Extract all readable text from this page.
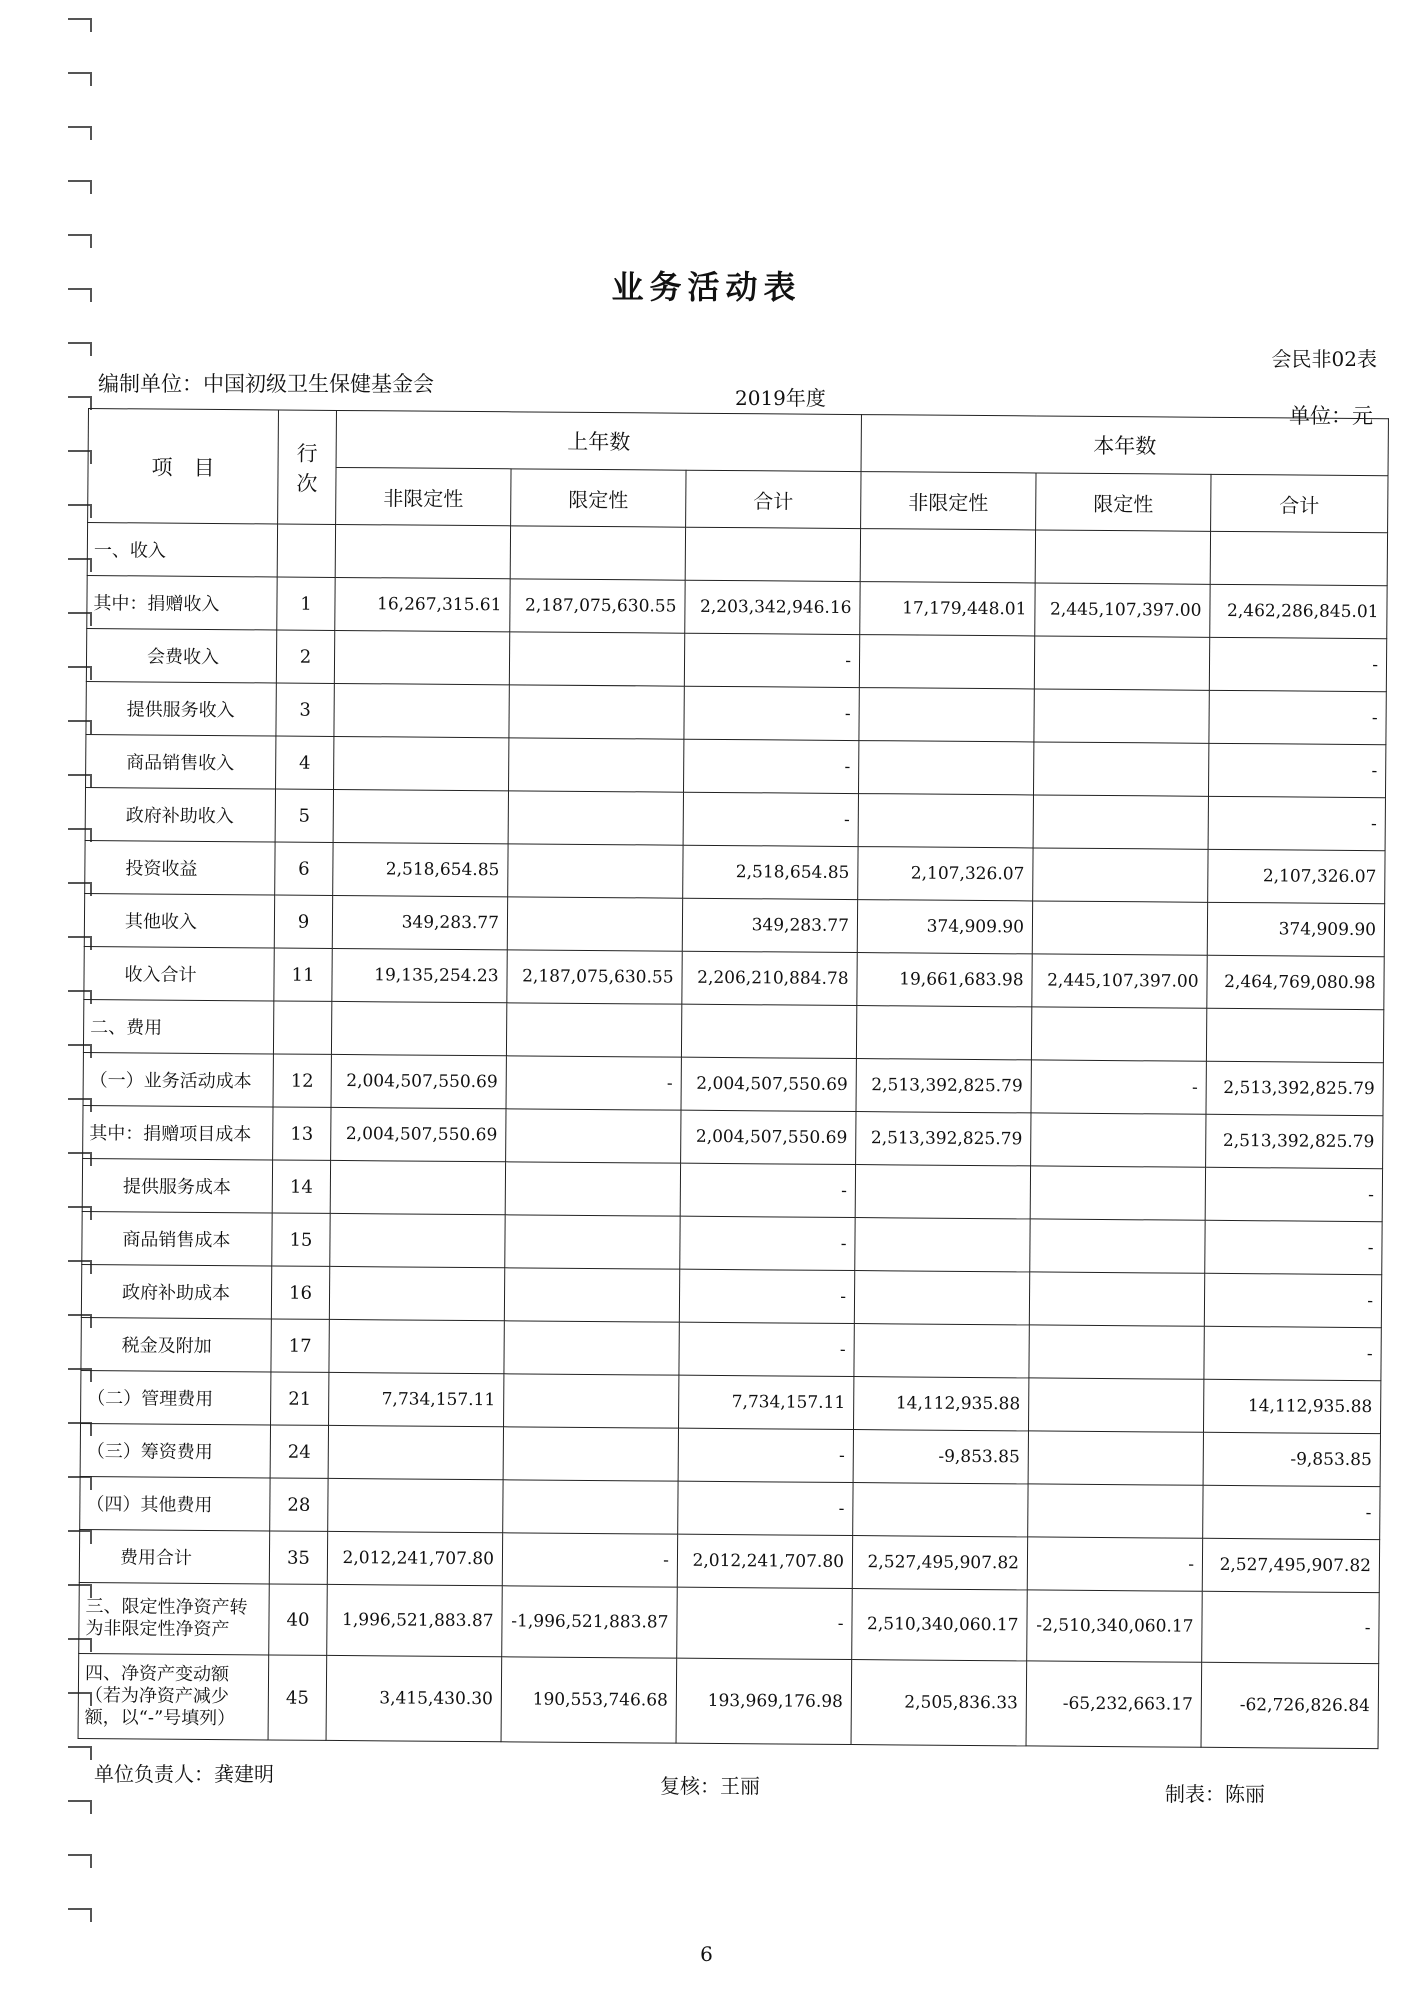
业务活动表
会民非02表
编制单位：中国初级卫生保健基金会
2019年度
单位：元
项　目	行次	上年数			本年数		
		非限定性	限定性	合计	非限定性	限定性	合计
一、收入							
其中：捐赠收入	1	16,267,315.61	2,187,075,630.55	2,203,342,946.16	17,179,448.01	2,445,107,397.00	2,462,286,845.01
会费收入	2			-			-
提供服务收入	3			-			-
商品销售收入	4			-			-
政府补助收入	5			-			-
投资收益	6	2,518,654.85		2,518,654.85	2,107,326.07		2,107,326.07
其他收入	9	349,283.77		349,283.77	374,909.90		374,909.90
收入合计	11	19,135,254.23	2,187,075,630.55	2,206,210,884.78	19,661,683.98	2,445,107,397.00	2,464,769,080.98
二、费用							
（一）业务活动成本	12	2,004,507,550.69	-	2,004,507,550.69	2,513,392,825.79	-	2,513,392,825.79
其中：捐赠项目成本	13	2,004,507,550.69		2,004,507,550.69	2,513,392,825.79		2,513,392,825.79
提供服务成本	14			-			-
商品销售成本	15			-			-
政府补助成本	16			-			-
税金及附加	17			-			-
（二）管理费用	21	7,734,157.11		7,734,157.11	14,112,935.88		14,112,935.88
（三）筹资费用	24			-	-9,853.85		-9,853.85
（四）其他费用	28			-			-
费用合计	35	2,012,241,707.80	-	2,012,241,707.80	2,527,495,907.82	-	2,527,495,907.82
三、限定性净资产转为非限定性净资产	40	1,996,521,883.87	-1,996,521,883.87	-	2,510,340,060.17	-2,510,340,060.17	-
四、净资产变动额（若为净资产减少额，以“-”号填列）	45	3,415,430.30	190,553,746.68	193,969,176.98	2,505,836.33	-65,232,663.17	-62,726,826.84
单位负责人：龚建明	复核：王丽	制表：陈丽
6
